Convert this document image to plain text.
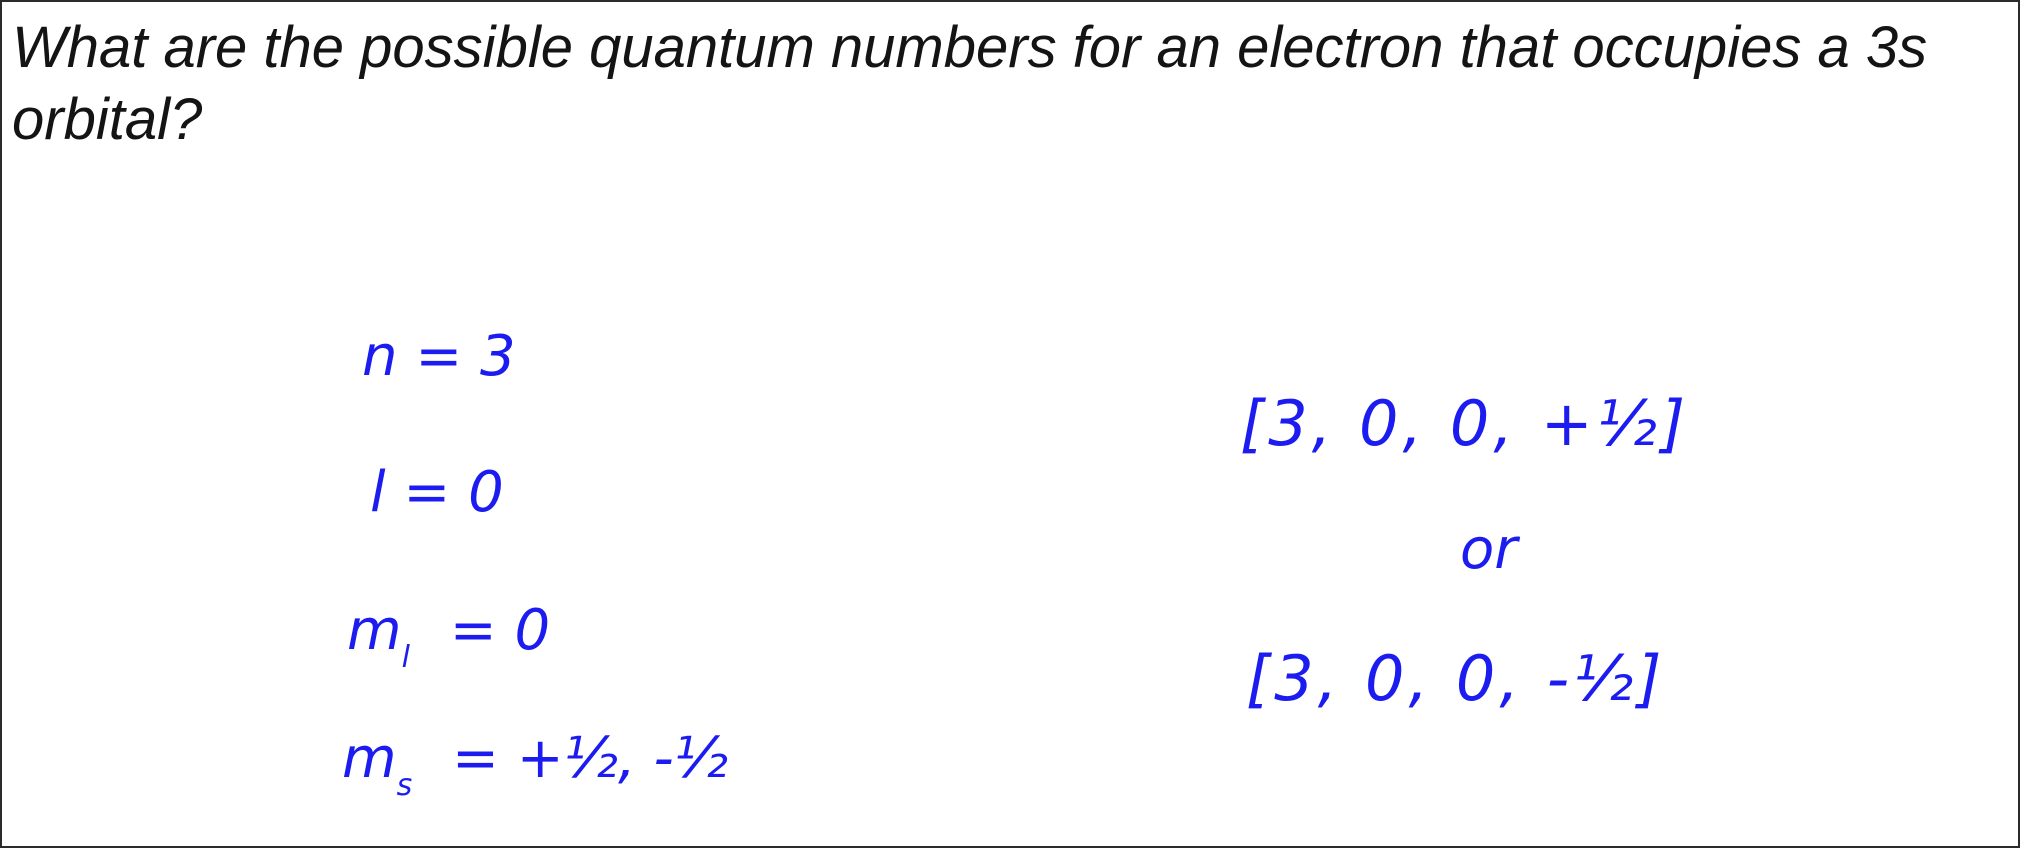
What are the possible quantum numbers for an electron that occupies a 3s orbital?
n = 3
l = 0
$m_l = 0$
$m_s$ = +½, -½
[3, 0, 0, +½]
or
[3, 0, 0, -½]
